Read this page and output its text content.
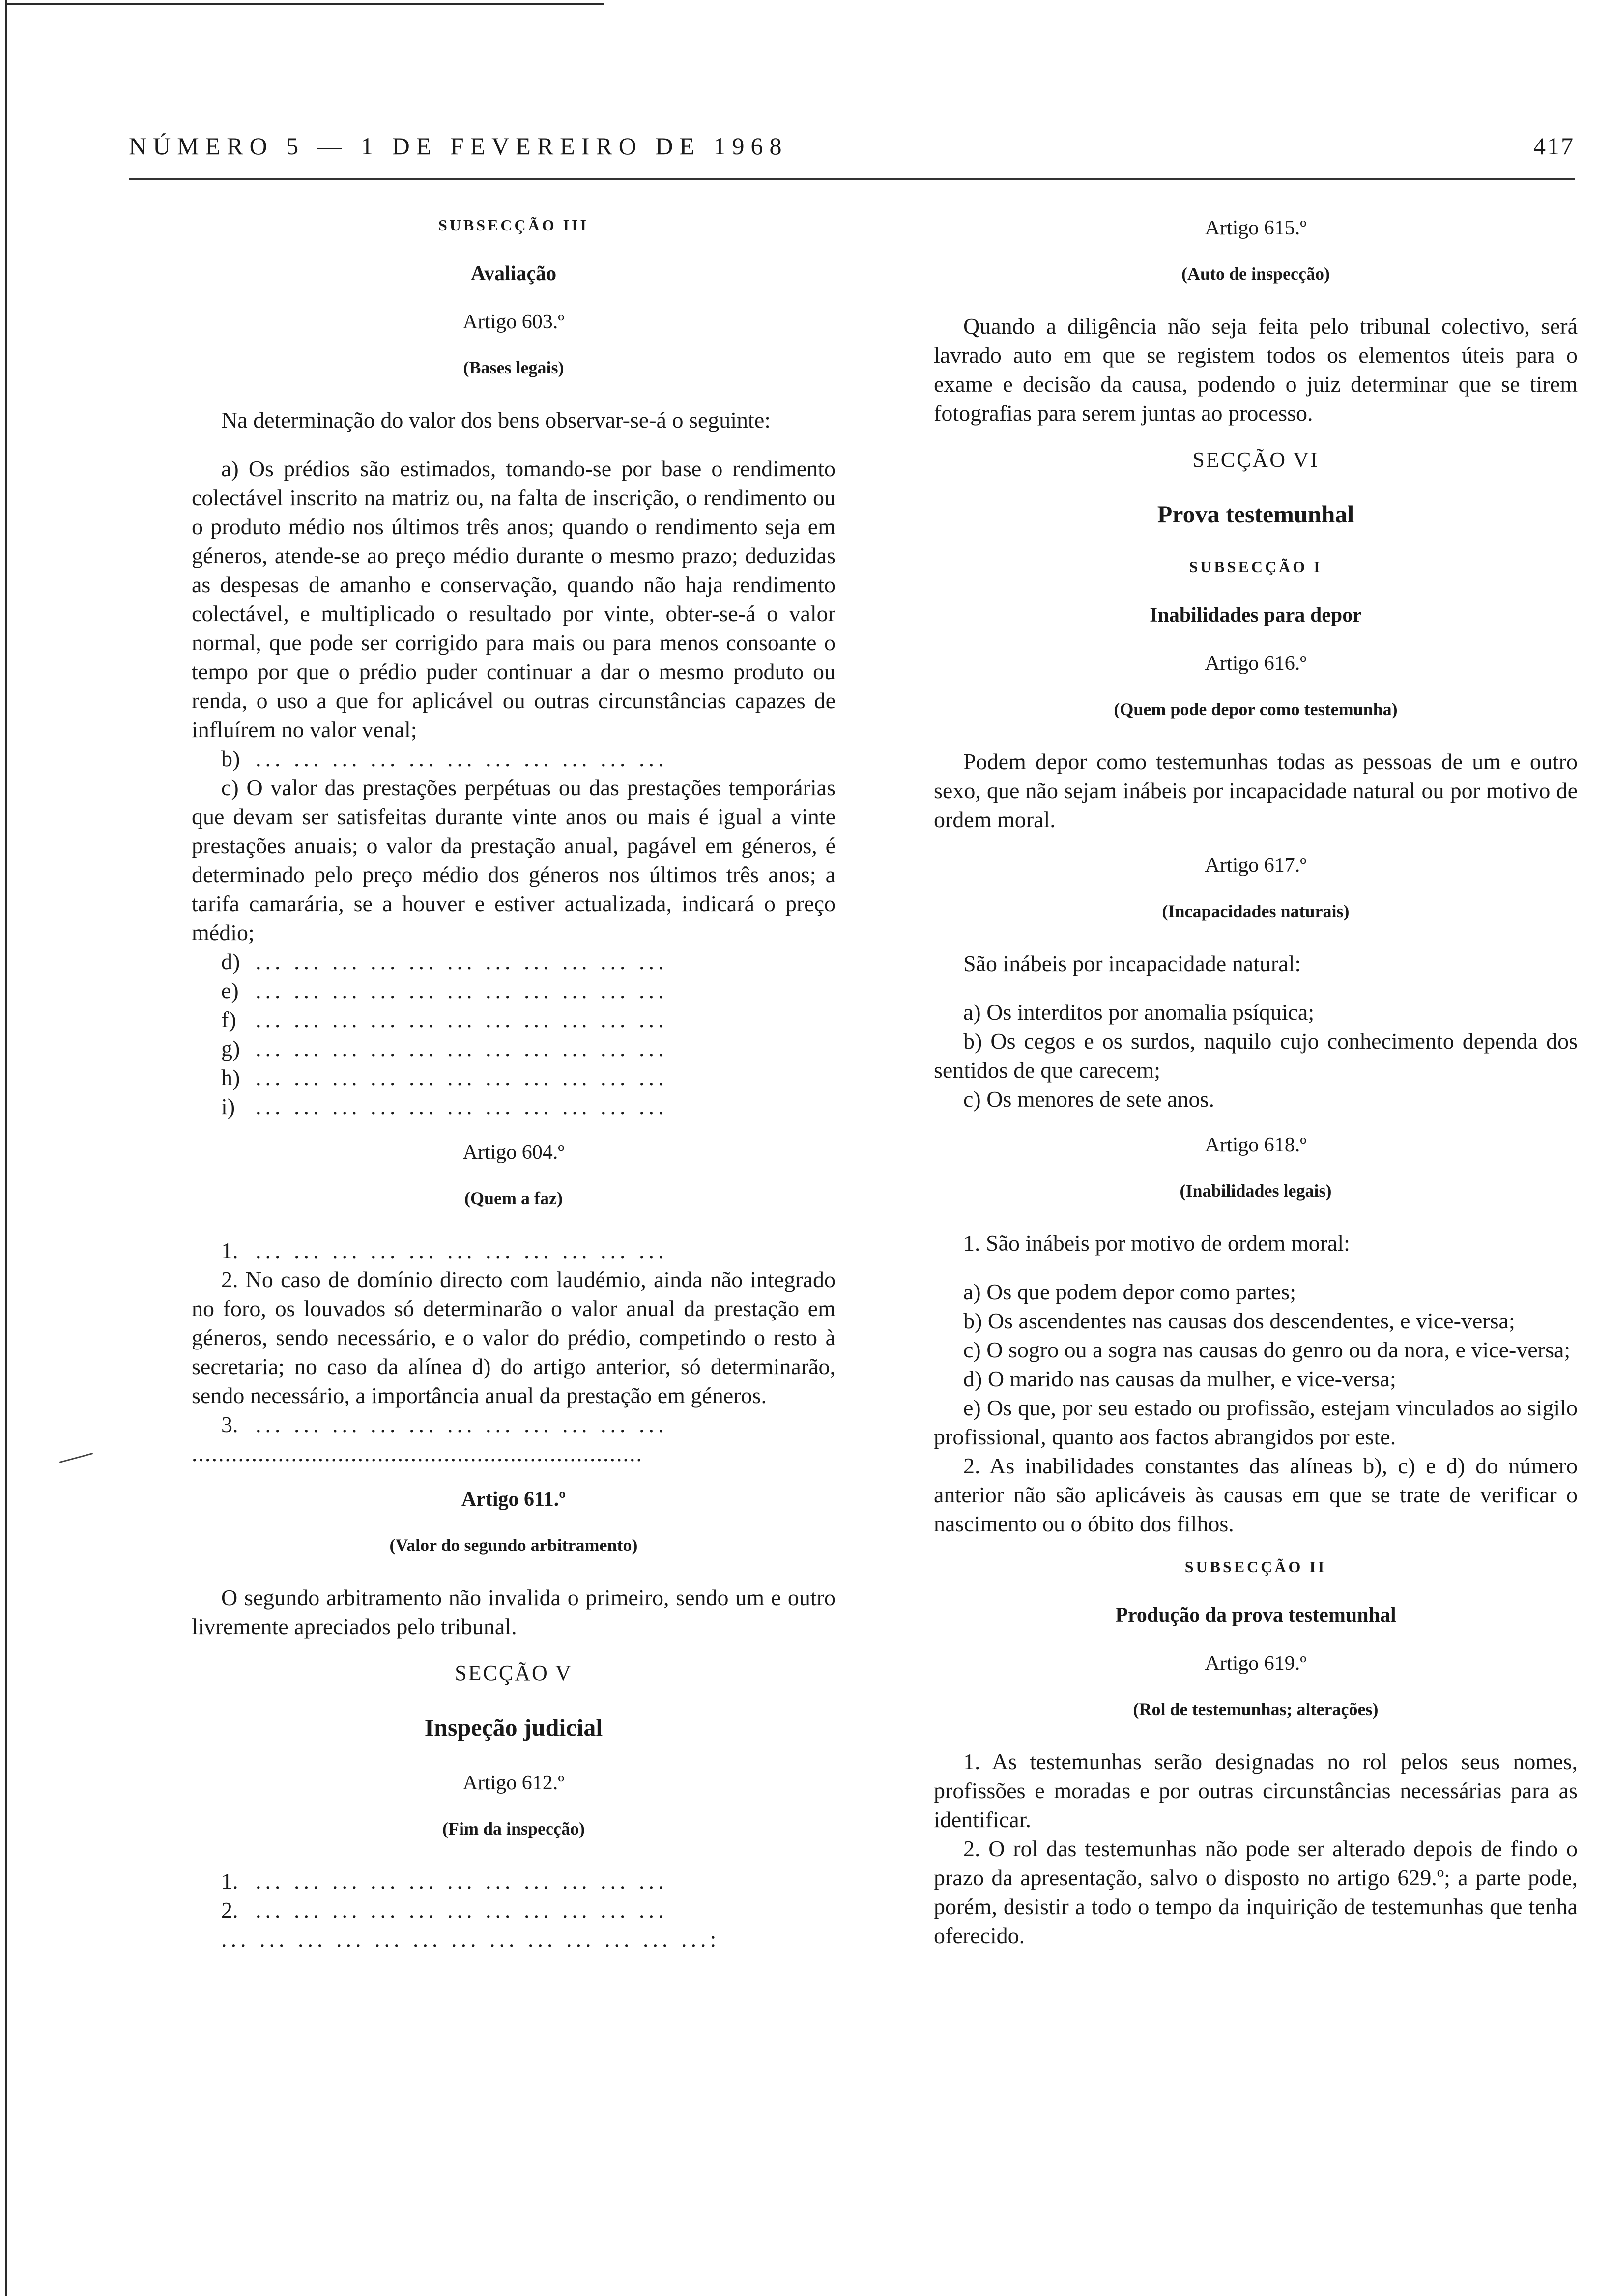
NÚMERO 5 — 1 DE FEVEREIRO DE 1968	417
SUBSECÇÃO III
Avaliação
Artigo 603.º
(Bases legais)

Na determinação do valor dos bens observar-se-á o seguinte:

a) Os prédios são estimados, tomando-se por base o rendimento colectável inscrito na matriz ou, na falta de inscrição, o rendimento ou o produto médio nos últimos três anos; quando o rendimento seja em géneros, atende-se ao preço médio durante o mesmo prazo; deduzidas as despesas de amanho e conservação, quando não haja rendimento colectável, e multiplicado o resultado por vinte, obter-se-á o valor normal, que pode ser corrigido para mais ou para menos consoante o tempo por que o prédio puder continuar a dar o mesmo produto ou renda, o uso a que for aplicável ou outras circunstâncias capazes de influírem no valor venal;

b) ... ... ... ... ... ... ... ... ... ... ...

c) O valor das prestações perpétuas ou das prestações temporárias que devam ser satisfeitas durante vinte anos ou mais é igual a vinte prestações anuais; o valor da prestação anual, pagável em géneros, é determinado pelo preço médio dos géneros nos últimos três anos; a tarifa camarária, se a houver e estiver actualizada, indicará o preço médio;

d) ... ... ... ... ... ... ... ... ... ... ...
e) ... ... ... ... ... ... ... ... ... ... ...
f) ... ... ... ... ... ... ... ... ... ... ...
g) ... ... ... ... ... ... ... ... ... ... ...
h) ... ... ... ... ... ... ... ... ... ... ...
i) ... ... ... ... ... ... ... ... ... ... ...
Artigo 604.º
(Quem a faz)
1. ... ... ... ... ... ... ... ... ... ... ...

2. No caso de domínio directo com laudémio, ainda não integrado no foro, os louvados só determinarão o valor anual da prestação em géneros, sendo necessário, e o valor do prédio, competindo o resto à secretaria; no caso da alínea d) do artigo anterior, só determinarão, sendo necessário, a importância anual da prestação em géneros.

3. ... ... ... ... ... ... ... ... ... ... ...
....................................................................
Artigo 611.º
(Valor do segundo arbitramento)

O segundo arbitramento não invalida o primeiro, sendo um e outro livremente apreciados pelo tribunal.

SECÇÃO V
Inspeção judicial
Artigo 612.º
(Fim da inspecção)
1. ... ... ... ... ... ... ... ... ... ... ...
2. ... ... ... ... ... ... ... ... ... ... ...
... ... ... ... ... ... ... ... ... ... ... ... ...:
Artigo 615.º
(Auto de inspecção)

Quando a diligência não seja feita pelo tribunal colectivo, será lavrado auto em que se registem todos os elementos úteis para o exame e decisão da causa, podendo o juiz determinar que se tirem fotografias para serem juntas ao processo.

SECÇÃO VI
Prova testemunhal
SUBSECÇÃO I
Inabilidades para depor
Artigo 616.º
(Quem pode depor como testemunha)

Podem depor como testemunhas todas as pessoas de um e outro sexo, que não sejam inábeis por incapacidade natural ou por motivo de ordem moral.

Artigo 617.º
(Incapacidades naturais)

São inábeis por incapacidade natural:

a) Os interditos por anomalia psíquica;

b) Os cegos e os surdos, naquilo cujo conhecimento dependa dos sentidos de que carecem;

c) Os menores de sete anos.

Artigo 618.º
(Inabilidades legais)

1. São inábeis por motivo de ordem moral:

a) Os que podem depor como partes;

b) Os ascendentes nas causas dos descendentes, e vice-versa;

c) O sogro ou a sogra nas causas do genro ou da nora, e vice-versa;

d) O marido nas causas da mulher, e vice-versa;

e) Os que, por seu estado ou profissão, estejam vinculados ao sigilo profissional, quanto aos factos abrangidos por este.

2. As inabilidades constantes das alíneas b), c) e d) do número anterior não são aplicáveis às causas em que se trate de verificar o nascimento ou o óbito dos filhos.

SUBSECÇÃO II
Produção da prova testemunhal
Artigo 619.º
(Rol de testemunhas; alterações)

1. As testemunhas serão designadas no rol pelos seus nomes, profissões e moradas e por outras circunstâncias necessárias para as identificar.

2. O rol das testemunhas não pode ser alterado depois de findo o prazo da apresentação, salvo o disposto no artigo 629.º; a parte pode, porém, desistir a todo o tempo da inquirição de testemunhas que tenha oferecido.
